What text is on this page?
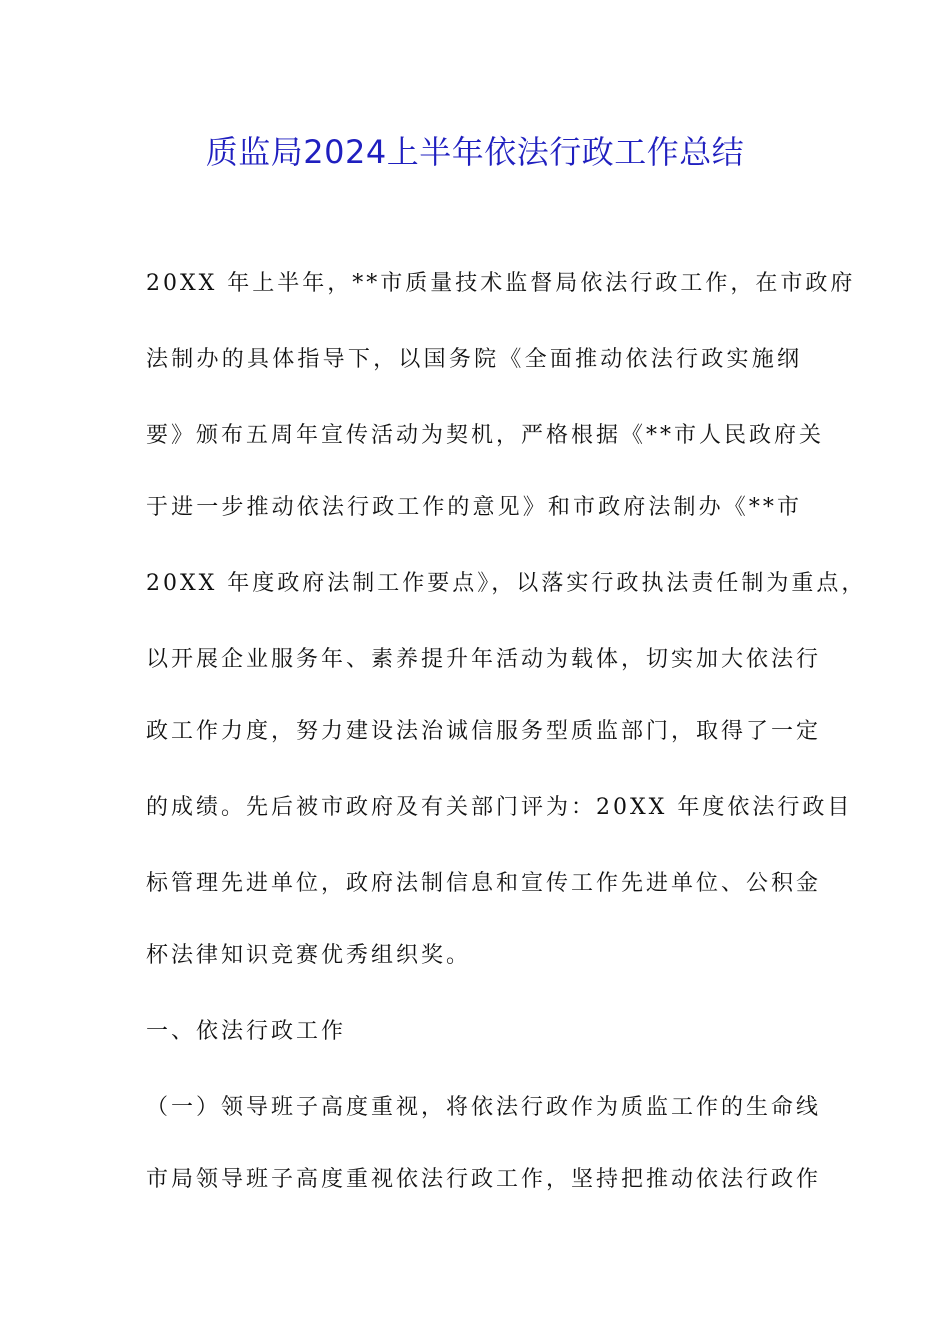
质监局2024上半年依法行政工作总结
20XX 年上半年，**市质量技术监督局依法行政工作，在市政府
法制办的具体指导下，以国务院《全面推动依法行政实施纲
要》颁布五周年宣传活动为契机，严格根据《**市人民政府关
于进一步推动依法行政工作的意见》和市政府法制办《**市
20XX 年度政府法制工作要点》，以落实行政执法责任制为重点，
以开展企业服务年、素养提升年活动为载体，切实加大依法行
政工作力度，努力建设法治诚信服务型质监部门，取得了一定
的成绩。先后被市政府及有关部门评为：20XX 年度依法行政目
标管理先进单位，政府法制信息和宣传工作先进单位、公积金
杯法律知识竞赛优秀组织奖。
一、依法行政工作
（一）领导班子高度重视，将依法行政作为质监工作的生命线
市局领导班子高度重视依法行政工作，坚持把推动依法行政作
